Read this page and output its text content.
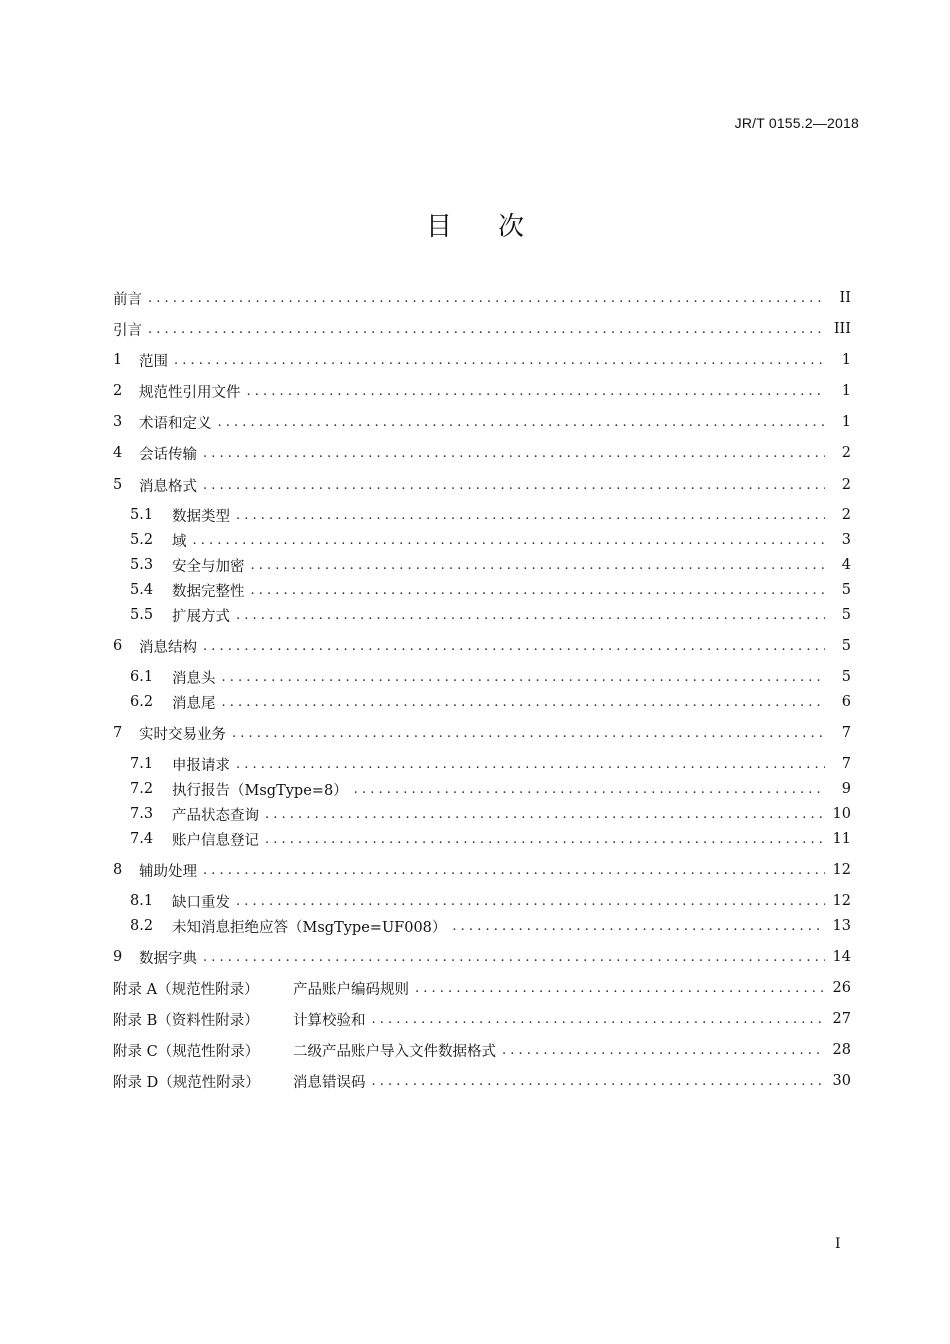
JR/T 0155.2—2018
目次
前言 . . .	II
引言 . . .	III
1	范围 . . .	1
2	规范性引用文件 . . .	1
3	术语和定义 . . .	1
4	会话传输 . . .	2
5	消息格式 . . .	2
5.1	数据类型 . . .	2
5.2	域 . . .	3
5.3	安全与加密 . . .	4
5.4	数据完整性 . . .	5
5.5	扩展方式 . . .	5
6	消息结构 . . .	5
6.1	消息头 . . .	5
6.2	消息尾 . . .	6
7	实时交易业务 . . .	7
7.1	申报请求 . . .	7
7.2	执行报告（MsgType=8） . . .	9
7.3	产品状态查询 . . .	10
7.4	账户信息登记 . . .	11
8	辅助处理 . . .	12
8.1	缺口重发 . . .	12
8.2	未知消息拒绝应答（MsgType=UF008） . . .	13
9	数据字典 . . .	14
附录 A（规范性附录）	产品账户编码规则 . . .	26
附录 B（资料性附录）	计算校验和 . . .	27
附录 C（规范性附录）	二级产品账户导入文件数据格式 . . .	28
附录 D（规范性附录）	消息错误码 . . .	30
I
